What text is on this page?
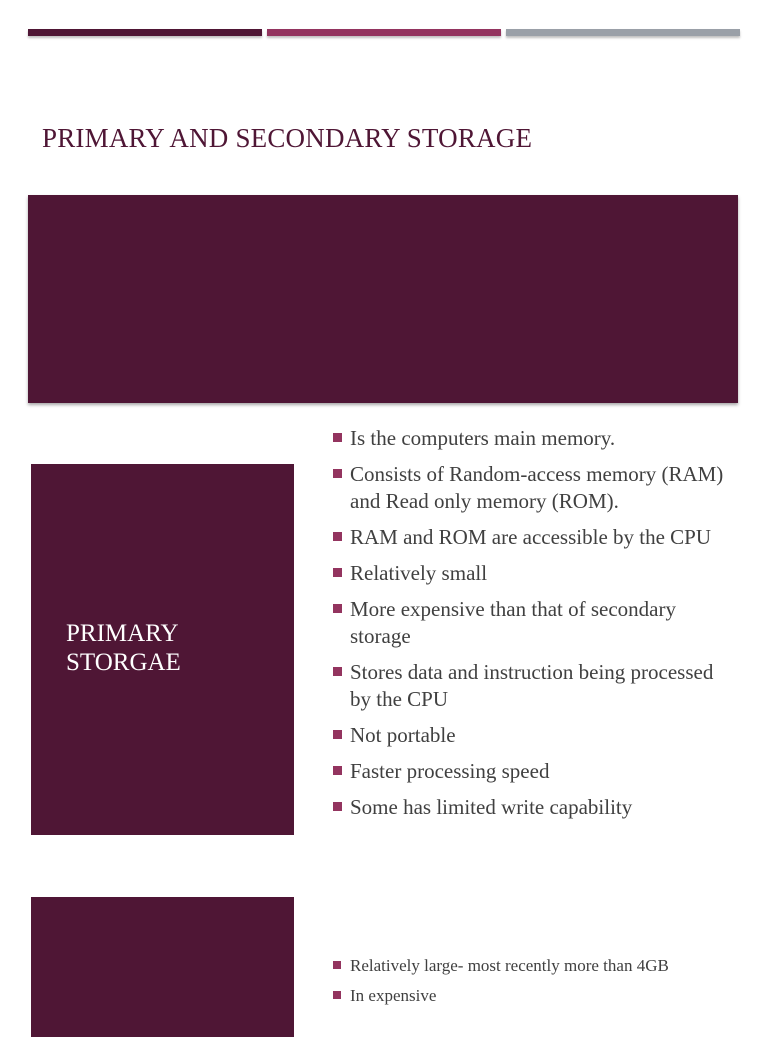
PRIMARY AND SECONDARY STORAGE
PRIMARY STORGAE
Is the computers main memory.
Consists of Random-access memory (RAM) and Read only memory (ROM).
RAM and ROM are accessible by the CPU
Relatively small
More expensive than that of secondary storage
Stores data and instruction being processed by the CPU
Not portable
Faster processing speed
Some has limited write capability
Relatively large- most recently more than 4GB
In expensive
